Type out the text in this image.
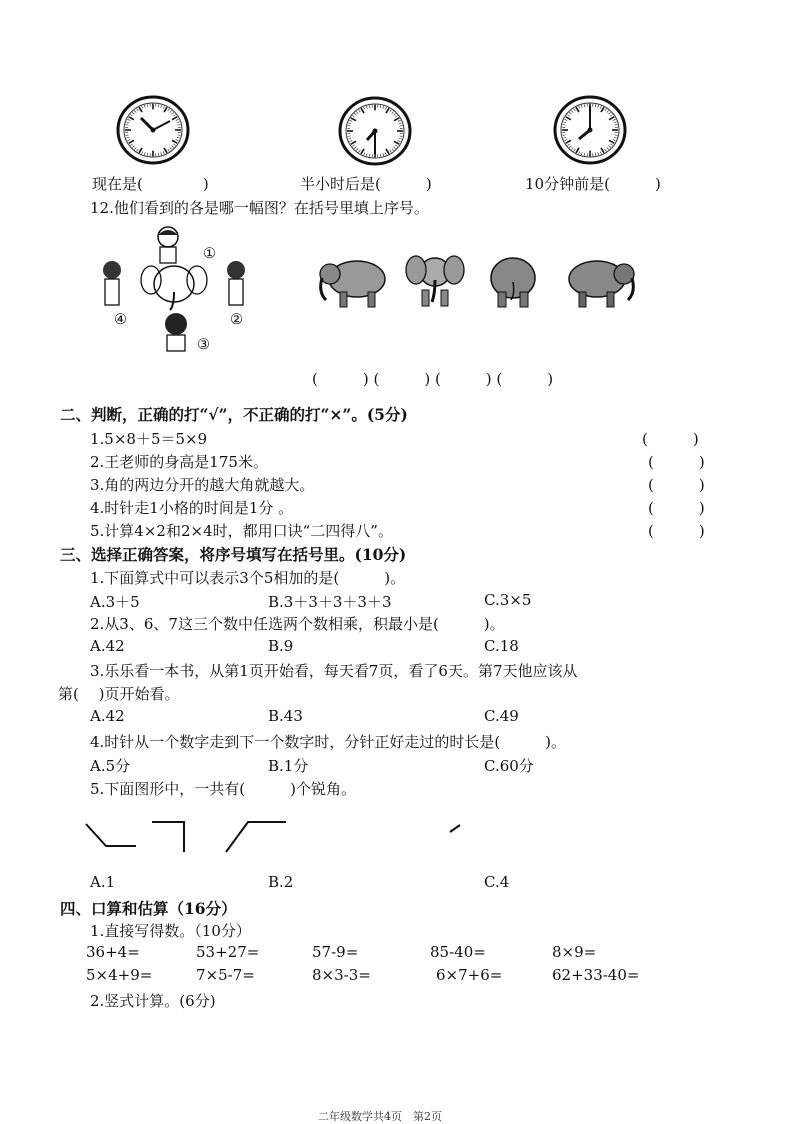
现在是(　　　　)	半小时后是(　　　)	10分钟前是(　　　)
12.他们看到的各是哪一幅图？在括号里填上序号。
①
②
③
④
(　　　) (　　　) (　　　) (　　　)
二、判断，正确的打“√”，不正确的打“×”。(5分)
1.5×8＋5＝5×9	(　　　)
2.王老师的身高是175米。	(　　　)
3.角的两边分开的越大角就越大。	(　　　)
4.时针走1小格的时间是1分 。	(　　　)
5.计算4×2和2×4时，都用口诀“二四得八”。	(　　　)
三、选择正确答案，将序号填写在括号里。(10分)
1.下面算式中可以表示3个5相加的是(　　　)。
A.3＋5	B.3＋3＋3＋3＋3	C.3×5
2.从3、6、7这三个数中任选两个数相乘，积最小是(　　　)。
A.42	B.9	C.18
3.乐乐看一本书，从第1页开始看，每天看7页，看了6天。第7天他应该从
第(　 )页开始看。
A.42	B.43	C.49
4.时针从一个数字走到下一个数字时，分针正好走过的时长是(　　　)。
A.5分	B.1分	C.60分
5.下面图形中，一共有(　　　)个锐角。
A.1	B.2	C.4
四、口算和估算（16分）
1.直接写得数。（10分）
36+4=	53+27=	57-9=	85-40=	8×9=
5×4+9=	7×5-7=	8×3-3=	6×7+6=	62+33-40=
2.竖式计算。(6分)
二年级数学共4页　第2页
